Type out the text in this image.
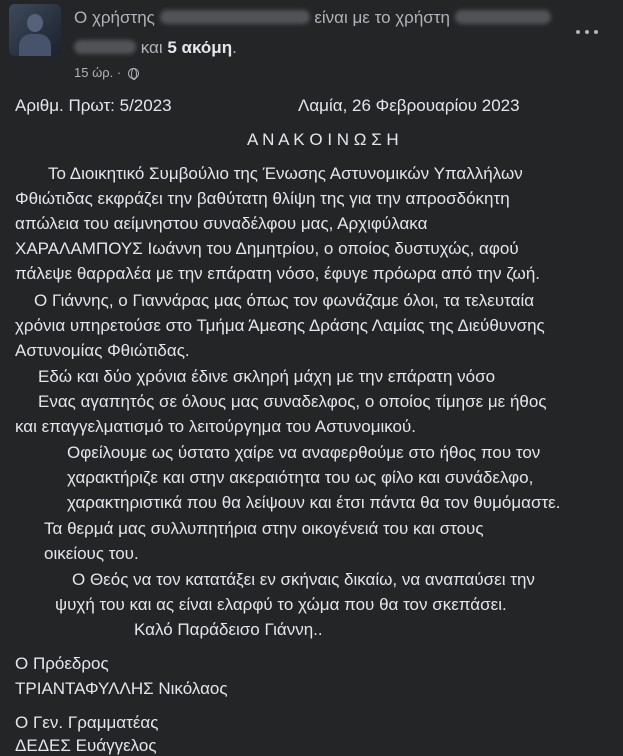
Ο χρήστης	είναι με το χρήστη
και 5 ακόμη.
15 ώρ. ·
Αριθμ. Πρωτ: 5/2023	Λαμία, 26 Φεβρουαρίου 2023
Α Ν Α Κ Ο Ι Ν Ω Σ Η
Το Διοικητικό Συμβούλιο της Ένωσης Αστυνομικών Υπαλλήλων
Φθιώτιδας εκφράζει την βαθύτατη θλίψη της για την απροσδόκητη
απώλεια του αείμνηστου συναδέλφου μας, Αρχιφύλακα
ΧΑΡΑΛΑΜΠΟΥΣ Ιωάννη του Δημητρίου, ο οποίος δυστυχώς, αφού
πάλεψε θαρραλέα με την επάρατη νόσο, έφυγε πρόωρα από την ζωή.
Ο Γιάννης, ο Γιαννάρας μας όπως τον φωνάζαμε όλοι, τα τελευταία
χρόνια υπηρετούσε στο Τμήμα Άμεσης Δράσης Λαμίας της Διεύθυνσης
Αστυνομίας Φθιώτιδας.
Εδώ και δύο χρόνια έδινε σκληρή μάχη με την επάρατη νόσο
Ενας αγαπητός σε όλους μας συναδελφος, ο οποίος τίμησε με ήθος
και επαγγελματισμό το λειτούργημα του Αστυνομικού.
Οφείλουμε ως ύστατο χαίρε να αναφερθούμε στο ήθος που τον
χαρακτήριζε και στην ακεραιότητα του ως φίλο και συνάδελφο,
χαρακτηριστικά που θα λείψουν και έτσι πάντα θα τον θυμόμαστε.
Τα θερμά μας συλλυπητήρια στην οικογένειά του και στους
οικείους του.
Ο Θεός να τον κατατάξει εν σκήναις δικαίω, να αναπαύσει την
ψυχή του και ας είναι ελαρφύ το χώμα που θα τον σκεπάσει.
Καλό Παράδεισο Γιάννη..
Ο Πρόεδρος
ΤΡΙΑΝΤΑΦΥΛΛΗΣ Νικόλαος
Ο Γεν. Γραμματέας
ΔΕΔΕΣ Ευάγγελος
